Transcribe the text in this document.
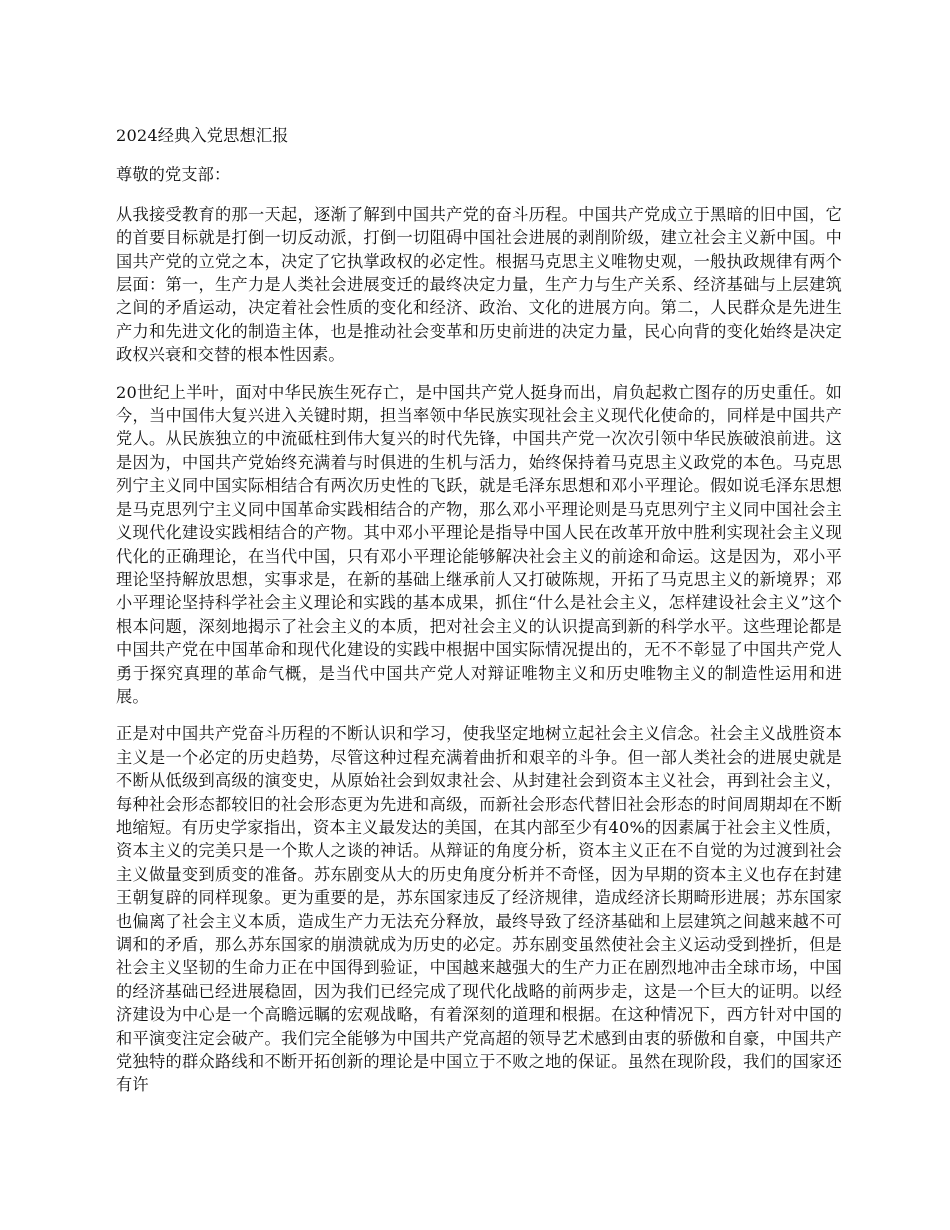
2024经典入党思想汇报
尊敬的党支部：

从我接受教育的那一天起，逐渐了解到中国共产党的奋斗历程。中国共产党成立于黑暗的旧中国，它的首要目标就是打倒一切反动派，打倒一切阻碍中国社会进展的剥削阶级，建立社会主义新中国。中国共产党的立党之本，决定了它执掌政权的必定性。根据马克思主义唯物史观，一般执政规律有两个层面：第一，生产力是人类社会进展变迁的最终决定力量，生产力与生产关系、经济基础与上层建筑之间的矛盾运动，决定着社会性质的变化和经济、政治、文化的进展方向。第二，人民群众是先进生产力和先进文化的制造主体，也是推动社会变革和历史前进的决定力量，民心向背的变化始终是决定政权兴衰和交替的根本性因素。

20世纪上半叶，面对中华民族生死存亡，是中国共产党人挺身而出，肩负起救亡图存的历史重任。如今，当中国伟大复兴进入关键时期，担当率领中华民族实现社会主义现代化使命的，同样是中国共产党人。从民族独立的中流砥柱到伟大复兴的时代先锋，中国共产党一次次引领中华民族破浪前进。这是因为，中国共产党始终充满着与时俱进的生机与活力，始终保持着马克思主义政党的本色。马克思列宁主义同中国实际相结合有两次历史性的飞跃，就是毛泽东思想和邓小平理论。假如说毛泽东思想是马克思列宁主义同中国革命实践相结合的产物，那么邓小平理论则是马克思列宁主义同中国社会主义现代化建设实践相结合的产物。其中邓小平理论是指导中国人民在改革开放中胜利实现社会主义现代化的正确理论，在当代中国，只有邓小平理论能够解决社会主义的前途和命运。这是因为，邓小平理论坚持解放思想，实事求是，在新的基础上继承前人又打破陈规，开拓了马克思主义的新境界；邓小平理论坚持科学社会主义理论和实践的基本成果，抓住“什么是社会主义，怎样建设社会主义”这个根本问题，深刻地揭示了社会主义的本质，把对社会主义的认识提高到新的科学水平。这些理论都是中国共产党在中国革命和现代化建设的实践中根据中国实际情况提出的，无不不彰显了中国共产党人勇于探究真理的革命气概，是当代中国共产党人对辩证唯物主义和历史唯物主义的制造性运用和进展。

正是对中国共产党奋斗历程的不断认识和学习，使我坚定地树立起社会主义信念。社会主义战胜资本主义是一个必定的历史趋势，尽管这种过程充满着曲折和艰辛的斗争。但一部人类社会的进展史就是不断从低级到高级的演变史，从原始社会到奴隶社会、从封建社会到资本主义社会，再到社会主义，每种社会形态都较旧的社会形态更为先进和高级，而新社会形态代替旧社会形态的时间周期却在不断地缩短。有历史学家指出，资本主义最发达的美国，在其内部至少有40%的因素属于社会主义性质，资本主义的完美只是一个欺人之谈的神话。从辩证的角度分析，资本主义正在不自觉的为过渡到社会主义做量变到质变的准备。苏东剧变从大的历史角度分析并不奇怪，因为早期的资本主义也存在封建王朝复辟的同样现象。更为重要的是，苏东国家违反了经济规律，造成经济长期畸形进展；苏东国家也偏离了社会主义本质，造成生产力无法充分释放，最终导致了经济基础和上层建筑之间越来越不可调和的矛盾，那么苏东国家的崩溃就成为历史的必定。苏东剧变虽然使社会主义运动受到挫折，但是社会主义坚韧的生命力正在中国得到验证，中国越来越强大的生产力正在剧烈地冲击全球市场，中国的经济基础已经进展稳固，因为我们已经完成了现代化战略的前两步走，这是一个巨大的证明。以经济建设为中心是一个高瞻远瞩的宏观战略，有着深刻的道理和根据。在这种情况下，西方针对中国的和平演变注定会破产。我们完全能够为中国共产党高超的领导艺术感到由衷的骄傲和自豪，中国共产党独特的群众路线和不断开拓创新的理论是中国立于不败之地的保证。虽然在现阶段，我们的国家还有许
